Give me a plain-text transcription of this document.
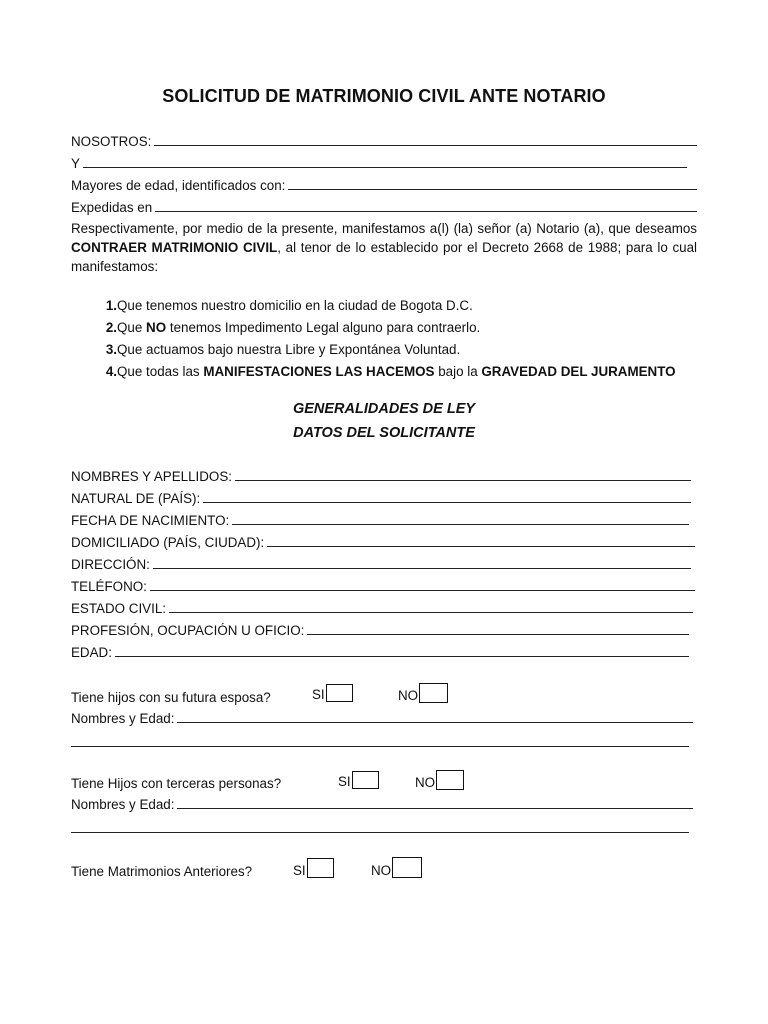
SOLICITUD DE MATRIMONIO CIVIL ANTE NOTARIO
NOSOTROS:
Y
Mayores de edad, identificados con:
Expedidas en
Respectivamente, por medio de la presente, manifestamos a(l) (la) señor (a) Notario (a), que deseamos CONTRAER MATRIMONIO CIVIL, al tenor de lo establecido por el Decreto 2668 de 1988; para lo cual manifestamos:
1. Que tenemos nuestro domicilio en la ciudad de Bogota D.C.
2. Que NO tenemos Impedimento Legal alguno para contraerlo.
3. Que actuamos bajo nuestra Libre y Expontánea Voluntad.
4. Que todas las MANIFESTACIONES LAS HACEMOS bajo la GRAVEDAD DEL JURAMENTO
GENERALIDADES DE LEY
DATOS DEL SOLICITANTE
NOMBRES Y APELLIDOS:
NATURAL DE (PAÍS):
FECHA DE NACIMIENTO:
DOMICILIADO (PAÍS, CIUDAD):
DIRECCIÓN:
TELÉFONO:
ESTADO CIVIL:
PROFESIÓN, OCUPACIÓN U OFICIO:
EDAD:
Tiene hijos con su futura esposa?	SI	NO
Nombres y Edad:
Tiene Hijos con terceras personas?	SI	NO
Nombres y Edad:
Tiene Matrimonios Anteriores?	SI	NO
